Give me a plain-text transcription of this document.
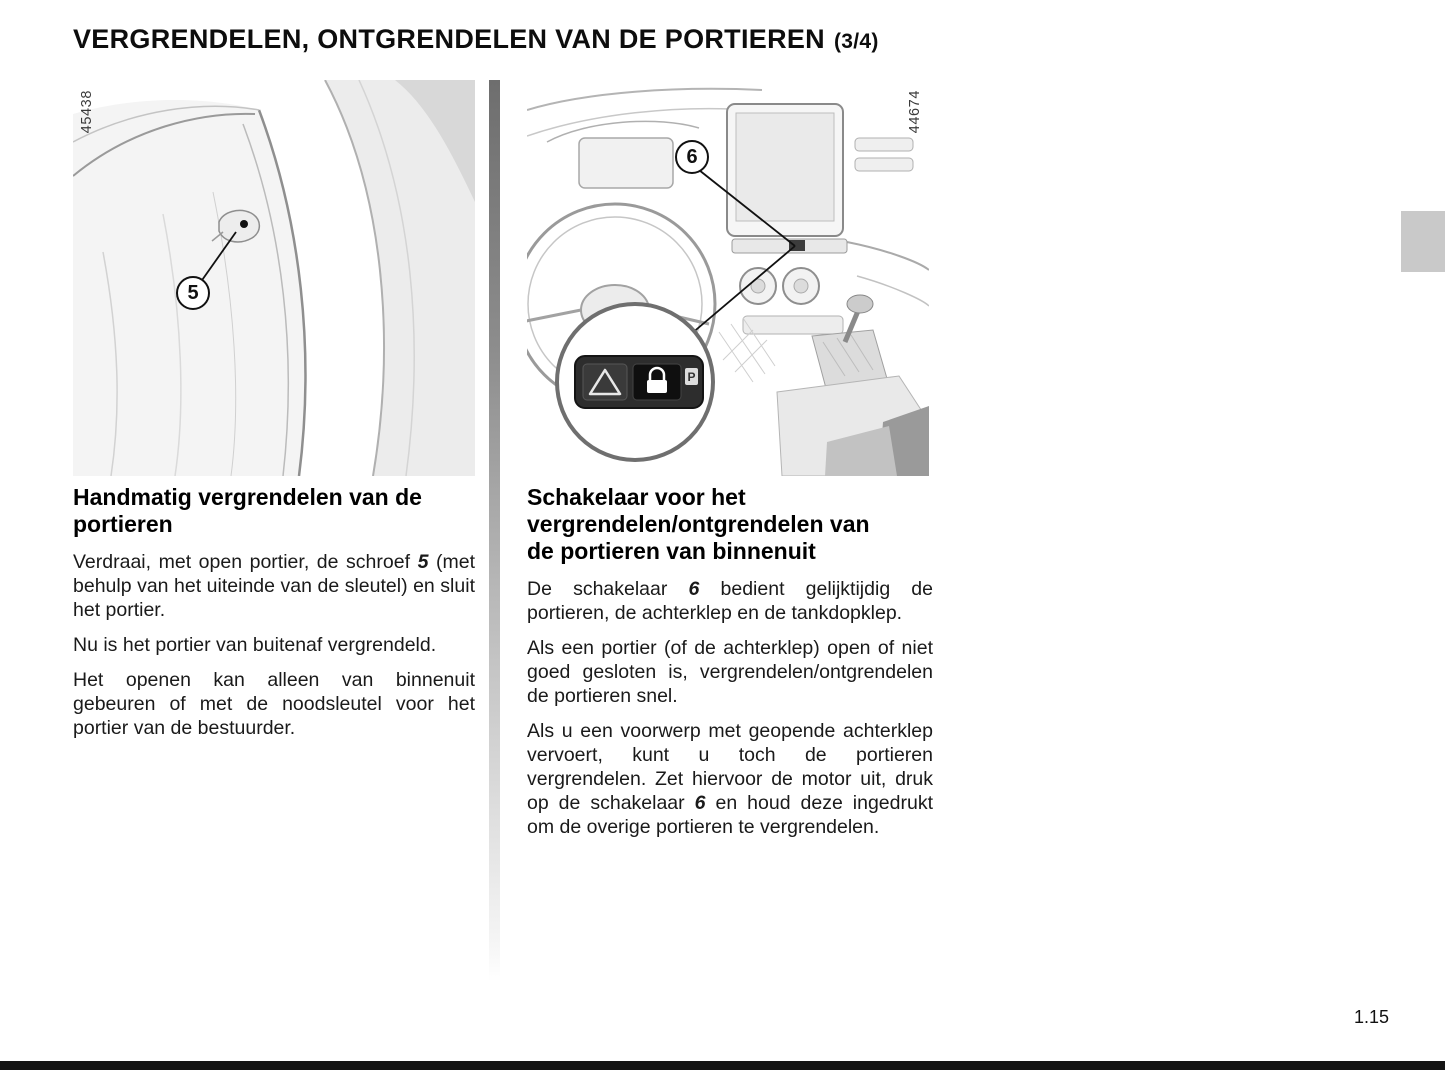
VERGRENDELEN, ONTGRENDELEN VAN DE PORTIEREN (3/4)
45438
5
44674
P
6
Handmatig vergrendelen van de portieren

Verdraai, met open portier, de schroef 5 (met behulp van het uiteinde van de sleutel) en sluit het portier.

Nu is het portier van buitenaf vergrendeld.

Het openen kan alleen van binnenuit gebeuren of met de noodsleutel voor het portier van de bestuurder.

Schakelaar voor het
vergrendelen/ontgrendelen van
de portieren van binnenuit

De schakelaar 6 bedient gelijktijdig de portieren, de achterklep en de tankdopklep.

Als een portier (of de achterklep) open of niet goed gesloten is, vergrendelen/ontgrendelen de portieren snel.

Als u een voorwerp met geopende achterklep vervoert, kunt u toch de portieren vergrendelen. Zet hiervoor de motor uit, druk op de schakelaar 6 en houd deze ingedrukt om de overige portieren te vergrendelen.

1.15
